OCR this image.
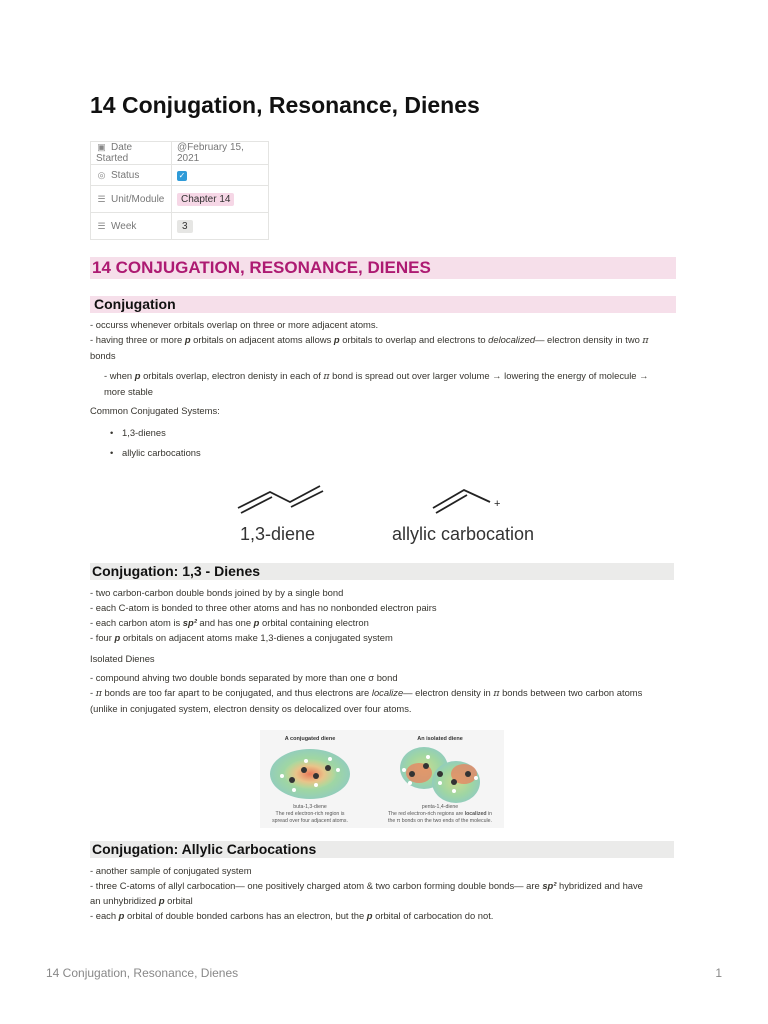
14 Conjugation, Resonance, Dienes
▣ Date Started	@February 15, 2021
◎ Status	✓
☰ Unit/Module	Chapter 14
☰ Week	3
14 CONJUGATION, RESONANCE, DIENES
Conjugation
- occurss whenever orbitals overlap on three or more adjacent atoms.
- having three or more p orbitals on adjacent atoms allows p orbitals to overlap and electrons to delocalized— electron density in two π
bonds
- when p orbitals overlap, electron denisty in each of π bond is spread out over larger volume → lowering the energy of molecule →
more stable
Common Conjugated Systems:
• 1,3-dienes
• allylic carbocations
+
1,3-diene	allylic carbocation
Conjugation: 1,3 - Dienes
- two carbon-carbon double bonds joined by by a single bond
- each C-atom is bonded to three other atoms and has no nonbonded electron pairs
- each carbon atom is sp² and has one p orbital containing electron
- four p orbitals on adjacent atoms make 1,3-dienes a conjugated system
Isolated Dienes
- compound ahving two double bonds separated by more than one σ bond
- π bonds are too far apart to be conjugated, and thus electrons are localize— electron density in π bonds between two carbon atoms
(unlike in conjugated system, electron density os delocalized over four atoms.
A conjugated diene	An isolated diene
buta-1,3-diene
The red electron-rich region is
spread over four adjacent atoms.
penta-1,4-diene
The red electron-rich regions are localized in
the π bonds on the two ends of the molecule.
Conjugation: Allylic Carbocations
- another sample of conjugated system
- three C-atoms of allyl carbocation— one positively charged atom & two carbon forming double bonds— are sp² hybridized and have
an unhybridized p orbital
- each p orbital of double bonded carbons has an electron, but the p orbital of carbocation do not.
14 Conjugation, Resonance, Dienes	1
